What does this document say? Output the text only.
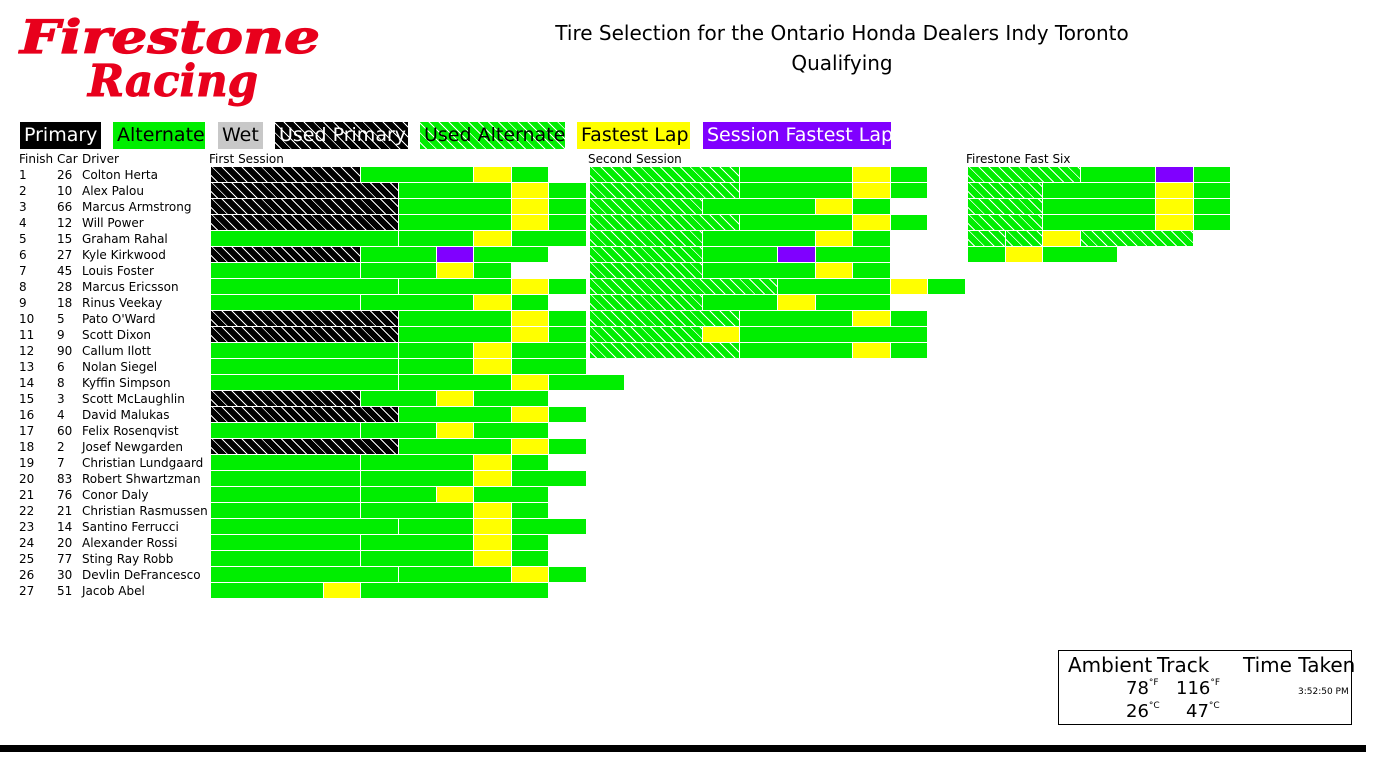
Firestone
Racing
Tire Selection for the Ontario Honda Dealers Indy Toronto
Qualifying
Primary Alternate Wet Used Primary Used Alternate Fastest Lap Session Fastest Lap
Finish Car Driver	First Session	Second Session	Firestone Fast Six
1	26 Colton Herta
2	10 Alex Palou
3	66 Marcus Armstrong
4	12 Will Power
5	15 Graham Rahal
6	27 Kyle Kirkwood
7	45 Louis Foster
8	28 Marcus Ericsson
9	18 Rinus Veekay
10 5 Pato O'Ward
11 9 Scott Dixon
12 90 Callum Ilott
13 6 Nolan Siegel
14 8 Kyffin Simpson
15 3 Scott McLaughlin
16 4 David Malukas
17 60 Felix Rosenqvist
18 2 Josef Newgarden
19 7 Christian Lundgaard
20 83 Robert Shwartzman
21 76 Conor Daly
22 21 Christian Rasmussen
23 14 Santino Ferrucci
24 20 Alexander Rossi
25 77 Sting Ray Robb
26 30 Devlin DeFrancesco
27 51 Jacob Abel
Ambient Track Time Taken
$78^{^\circ F}$ $116^{^\circ F}$
$26^{^\circ C}$ $47^{^\circ C}$
3:52:50 PM
